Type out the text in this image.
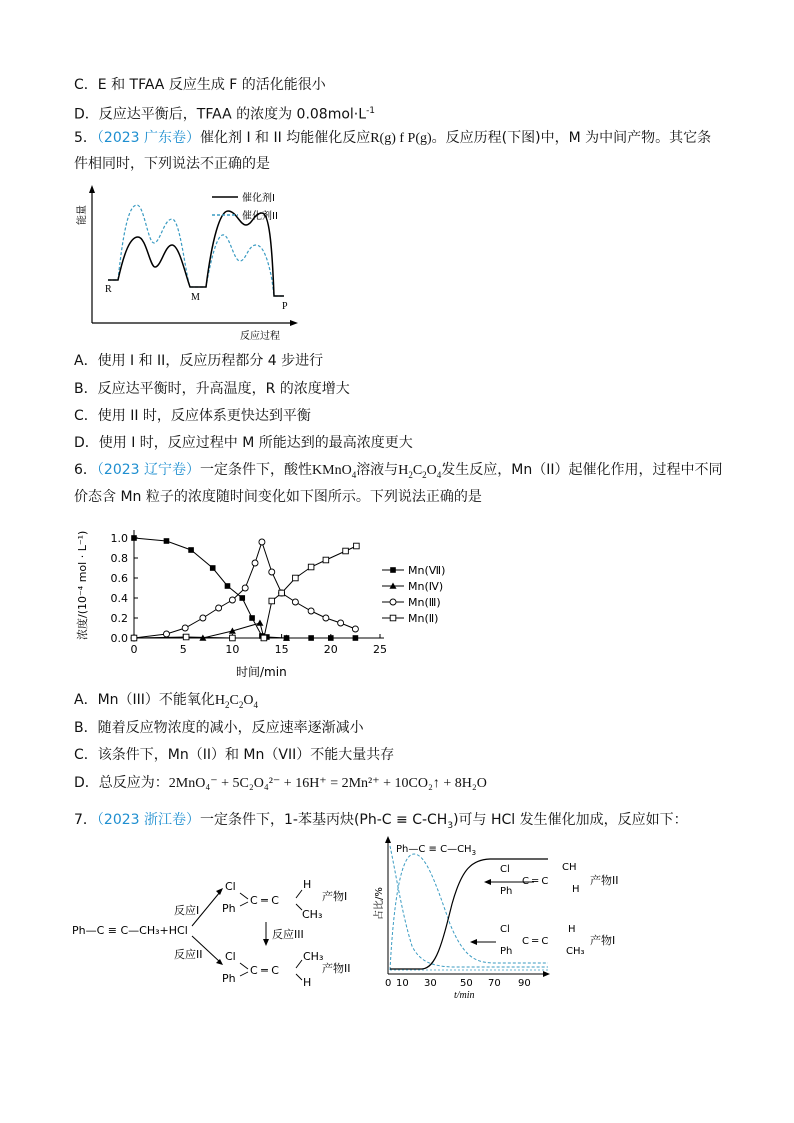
C．E 和 TFAA 反应生成 F 的活化能很小
D．反应达平衡后，TFAA 的浓度为 $0.08mol\cdot L^{-1}$
5．（2023 广东卷）催化剂 I 和 II 均能催化反应R(g) f P(g)。反应历程(下图)中，M 为中间产物。其它条
件相同时，下列说法不正确的是
催化剂I
催化剂II
R
M
P
反应过程
能量
A．使用 I 和 II，反应历程都分 4 步进行
B．反应达平衡时，升高温度，R 的浓度增大
C．使用 II 时，反应体系更快达到平衡
D．使用 I 时，反应过程中 M 所能达到的最高浓度更大
6．（2023 辽宁卷）一定条件下，酸性KMnO$_4$溶液与$H_2C_2O_4$发生反应，Mn（II）起催化作用，过程中不同
价态含 Mn 粒子的浓度随时间变化如下图所示。下列说法正确的是
浓度/(10⁻⁴ mol · L⁻¹)
时间/min
0	5	10	15	20	25
0.0
0.2
0.4
0.6
0.8
1.0
Mn(Ⅶ)
Mn(Ⅳ)
Mn(Ⅲ)
Mn(Ⅱ)
A．Mn（III）不能氧化$H_2C_2O_4$
B．随着反应物浓度的减小，反应速率逐渐减小
C．该条件下，Mn（II）和 Mn（VII）不能大量共存
D．总反应为：2MnO₄⁻ + 5C₂O₄²⁻ + 16H⁺ = 2Mn²⁺ + 10CO₂↑ + 8H₂O
7．（2023 浙江卷）一定条件下，1-苯基丙炔$(Ph-C \equiv C-CH_3)$可与 HCl 发生催化加成，反应如下：
Ph—C ≡ C—CH₃+HCl
反应I
反应II
Cl
Ph
C ═ C
H
CH₃
产物I
反应III
Cl
Ph
C ═ C
CH₃
H
产物II
占比/%
0 10 30 50 70 90
t/min
Ph—C ≡ $C—CH_3$
Cl
Ph
C ═ C
CH
H
产物II
Cl
Ph
C ═ C
H
CH₃
产物I
